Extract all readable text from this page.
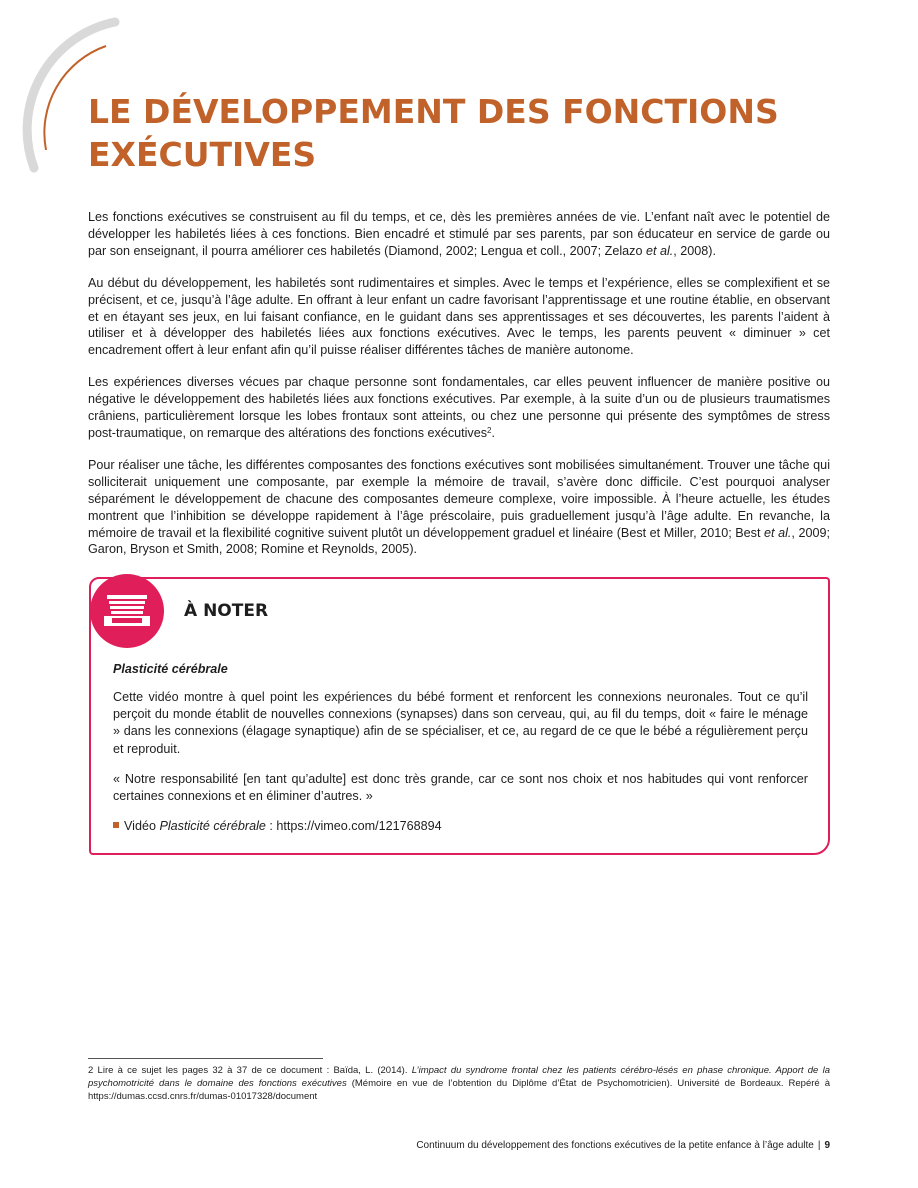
LE DÉVELOPPEMENT DES FONCTIONS
EXÉCUTIVES

Les fonctions exécutives se construisent au fil du temps, et ce, dès les premières années de vie. L’enfant naît avec le potentiel de développer les habiletés liées à ces fonctions. Bien encadré et stimulé par ses parents, par son éducateur en service de garde ou par son enseignant, il pourra améliorer ces habiletés (Diamond, 2002; Lengua et coll., 2007; Zelazo et al., 2008).

Au début du développement, les habiletés sont rudimentaires et simples. Avec le temps et l’expérience, elles se complexifient et se précisent, et ce, jusqu’à l’âge adulte. En offrant à leur enfant un cadre favorisant l’apprentissage et une routine établie, en observant et en étayant ses jeux, en lui faisant confiance, en le guidant dans ses apprentissages et ses découvertes, les parents l’aident à utiliser et à développer des habiletés liées aux fonctions exécutives. Avec le temps, les parents peuvent « diminuer » cet encadrement offert à leur enfant afin qu’il puisse réaliser différentes tâches de manière autonome.

Les expériences diverses vécues par chaque personne sont fondamentales, car elles peuvent influencer de manière positive ou négative le développement des habiletés liées aux fonctions exécutives. Par exemple, à la suite d’un ou de plusieurs traumatismes crâniens, particulièrement lorsque les lobes frontaux sont atteints, ou chez une personne qui présente des symptômes de stress post-traumatique, on remarque des altérations des fonctions exécutives$^2$.

Pour réaliser une tâche, les différentes composantes des fonctions exécutives sont mobilisées simultanément. Trouver une tâche qui solliciterait uniquement une composante, par exemple la mémoire de travail, s’avère donc difficile. C’est pourquoi analyser séparément le développement de chacune des composantes demeure complexe, voire impossible. À l’heure actuelle, les études montrent que l’inhibition se développe rapidement à l’âge préscolaire, puis graduellement jusqu’à l’âge adulte. En revanche, la mémoire de travail et la flexibilité cognitive suivent plutôt un développement graduel et linéaire (Best et Miller, 2010; Best et al., 2009; Garon, Bryson et Smith, 2008; Romine et Reynolds, 2005).

À NOTER

Plasticité cérébrale

Cette vidéo montre à quel point les expériences du bébé forment et renforcent les connexions neuronales. Tout ce qu’il perçoit du monde établit de nouvelles connexions (synapses) dans son cerveau, qui, au fil du temps, doit « faire le ménage » dans les connexions (élagage synaptique) afin de se spécialiser, et ce, au regard de ce que le bébé a régulièrement perçu et reproduit.

« Notre responsabilité [en tant qu’adulte] est donc très grande, car ce sont nos choix et nos habitudes qui vont renforcer certaines connexions et en éliminer d’autres. »

Vidéo Plasticité cérébrale : https://vimeo.com/121768894

2 Lire à ce sujet les pages 32 à 37 de ce document : Baïda, L. (2014). L’impact du syndrome frontal chez les patients cérébro-lésés en phase chronique. Apport de la psychomotricité dans le domaine des fonctions exécutives (Mémoire en vue de l’obtention du Diplôme d’État de Psychomotricien). Université de Bordeaux. Repéré à https://dumas.ccsd.cnrs.fr/dumas-01017328/document

Continuum du développement des fonctions exécutives de la petite enfance à l’âge adulte | 9
